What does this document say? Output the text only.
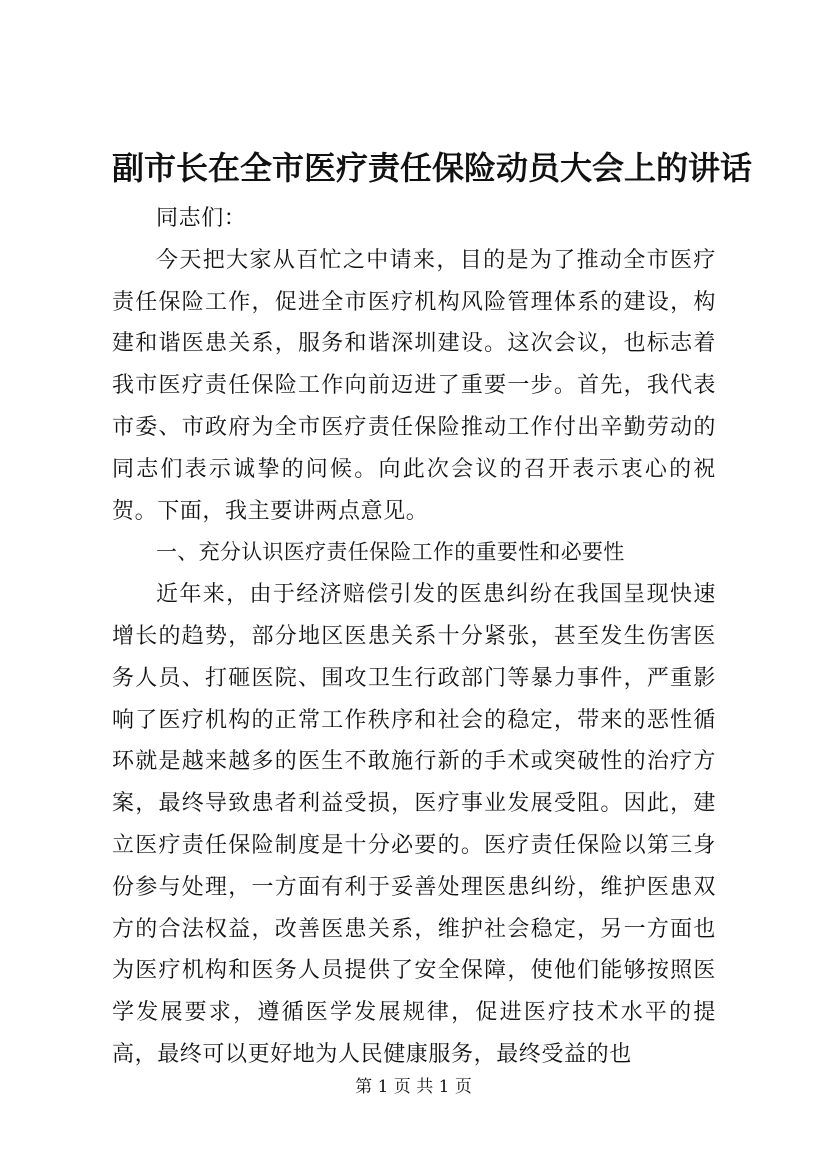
副市长在全市医疗责任保险动员大会上的讲话

同志们：

今天把大家从百忙之中请来，目的是为了推动全市医疗责任保险工作，促进全市医疗机构风险管理体系的建设，构建和谐医患关系，服务和谐深圳建设。这次会议，也标志着我市医疗责任保险工作向前迈进了重要一步。首先，我代表市委、市政府为全市医疗责任保险推动工作付出辛勤劳动的同志们表示诚挚的问候。向此次会议的召开表示衷心的祝贺。下面，我主要讲两点意见。

一、充分认识医疗责任保险工作的重要性和必要性

近年来，由于经济赔偿引发的医患纠纷在我国呈现快速增长的趋势，部分地区医患关系十分紧张，甚至发生伤害医务人员、打砸医院、围攻卫生行政部门等暴力事件，严重影响了医疗机构的正常工作秩序和社会的稳定，带来的恶性循环就是越来越多的医生不敢施行新的手术或突破性的治疗方案，最终导致患者利益受损，医疗事业发展受阻。因此，建立医疗责任保险制度是十分必要的。医疗责任保险以第三身份参与处理，一方面有利于妥善处理医患纠纷，维护医患双方的合法权益，改善医患关系，维护社会稳定，另一方面也为医疗机构和医务人员提供了安全保障，使他们能够按照医学发展要求，遵循医学发展规律，促进医疗技术水平的提高，最终可以更好地为人民健康服务，最终受益的也

第 1 页 共 1 页
